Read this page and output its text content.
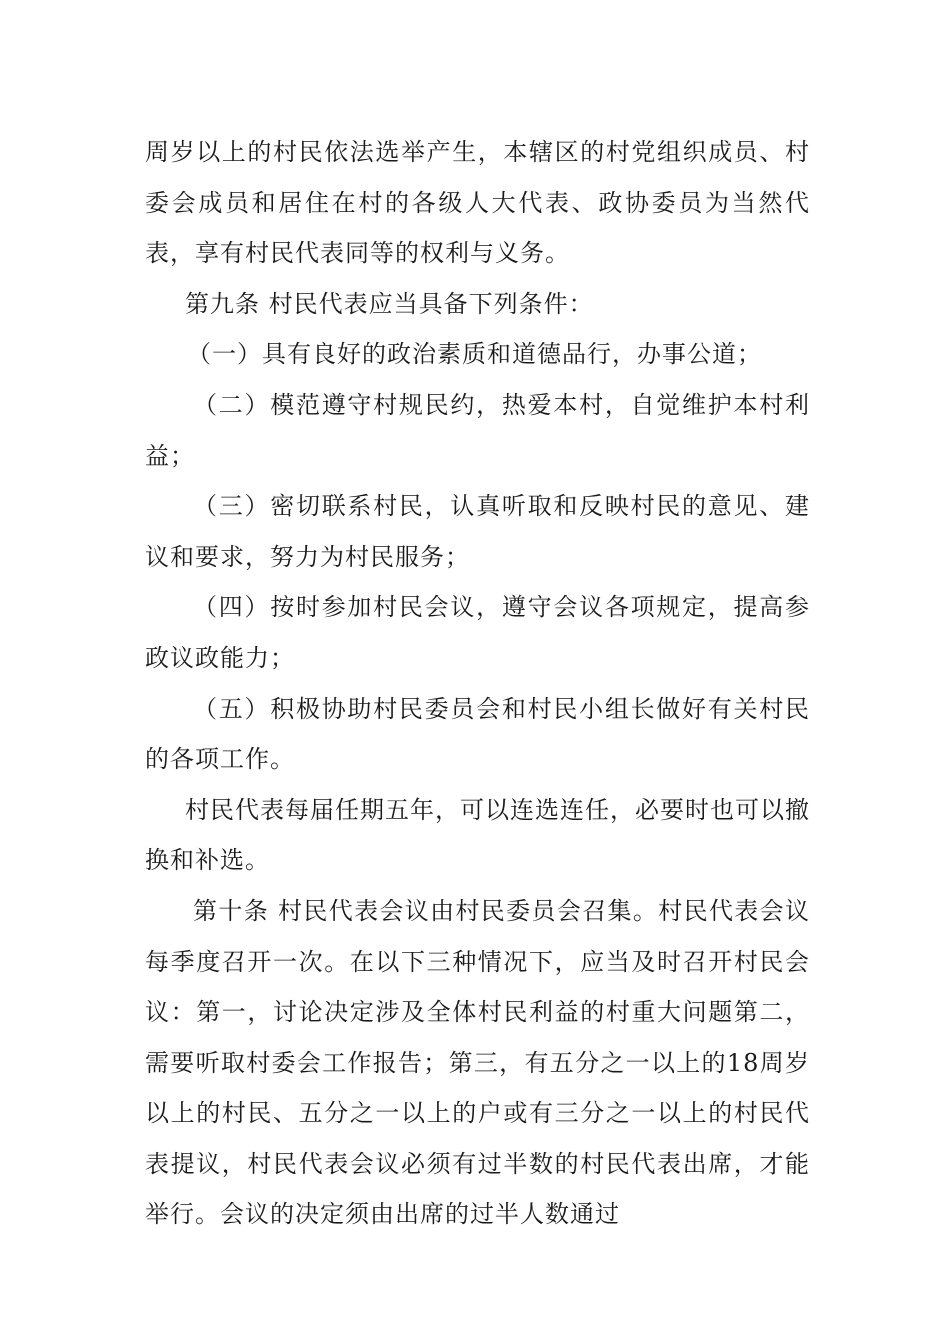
周岁以上的村民依法选举产生，本辖区的村党组织成员、村委会成员和居住在村的各级人大代表、政协委员为当然代表，享有村民代表同等的权利与义务。

第九条 村民代表应当具备下列条件：

（一）具有良好的政治素质和道德品行，办事公道；

（二）模范遵守村规民约，热爱本村，自觉维护本村利益；

（三）密切联系村民，认真听取和反映村民的意见、建议和要求，努力为村民服务；

（四）按时参加村民会议，遵守会议各项规定，提高参政议政能力；

（五）积极协助村民委员会和村民小组长做好有关村民的各项工作。

村民代表每届任期五年，可以连选连任，必要时也可以撤换和补选。

第十条 村民代表会议由村民委员会召集。村民代表会议每季度召开一次。在以下三种情况下，应当及时召开村民会议：第一，讨论决定涉及全体村民利益的村重大问题第二，需要听取村委会工作报告；第三，有五分之一以上的18周岁以上的村民、五分之一以上的户或有三分之一以上的村民代表提议，村民代表会议必须有过半数的村民代表出席，才能举行。会议的决定须由出席的过半人数通过
